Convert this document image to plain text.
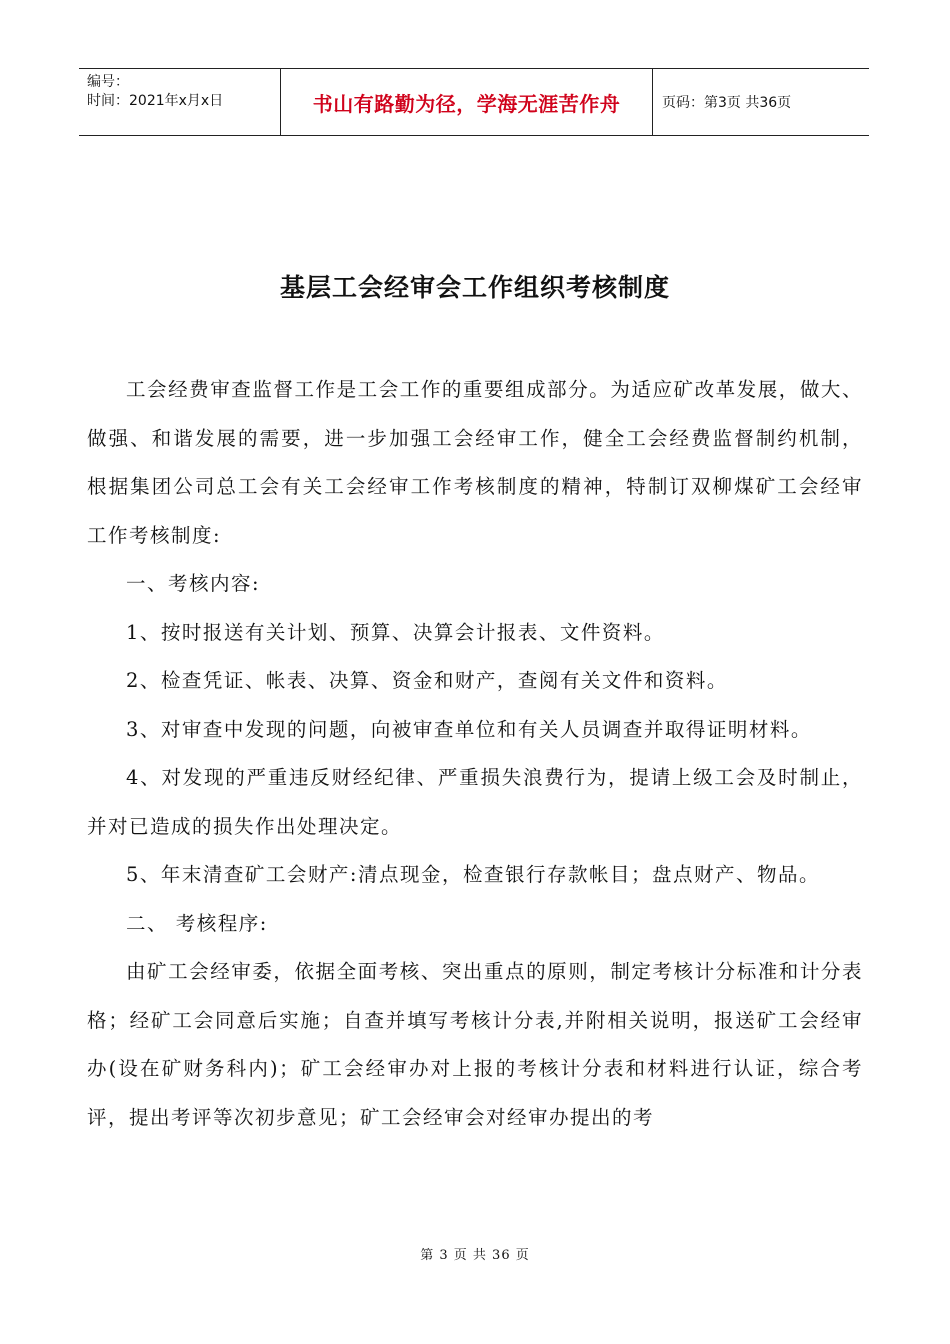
编号：
时间：2021年x月x日	书山有路勤为径，学海无涯苦作舟	页码：第3页 共36页
基层工会经审会工作组织考核制度

工会经费审查监督工作是工会工作的重要组成部分。为适应矿改革发展，做大、做强、和谐发展的需要，进一步加强工会经审工作，健全工会经费监督制约机制，根据集团公司总工会有关工会经审工作考核制度的精神，特制订双柳煤矿工会经审工作考核制度:

一、考核内容:

1、按时报送有关计划、预算、决算会计报表、文件资料。

2、检查凭证、帐表、决算、资金和财产，查阅有关文件和资料。

3、对审查中发现的问题，向被审查单位和有关人员调查并取得证明材料。

4、对发现的严重违反财经纪律、严重损失浪费行为，提请上级工会及时制止，并对已造成的损失作出处理决定。

5、年末清查矿工会财产:清点现金，检查银行存款帐目；盘点财产、物品。

二、 考核程序:

由矿工会经审委，依据全面考核、突出重点的原则，制定考核计分标准和计分表格；经矿工会同意后实施；自查并填写考核计分表,并附相关说明，报送矿工会经审办(设在矿财务科内)；矿工会经审办对上报的考核计分表和材料进行认证，综合考评，提出考评等次初步意见；矿工会经审会对经审办提出的考

第 3 页 共 36 页
